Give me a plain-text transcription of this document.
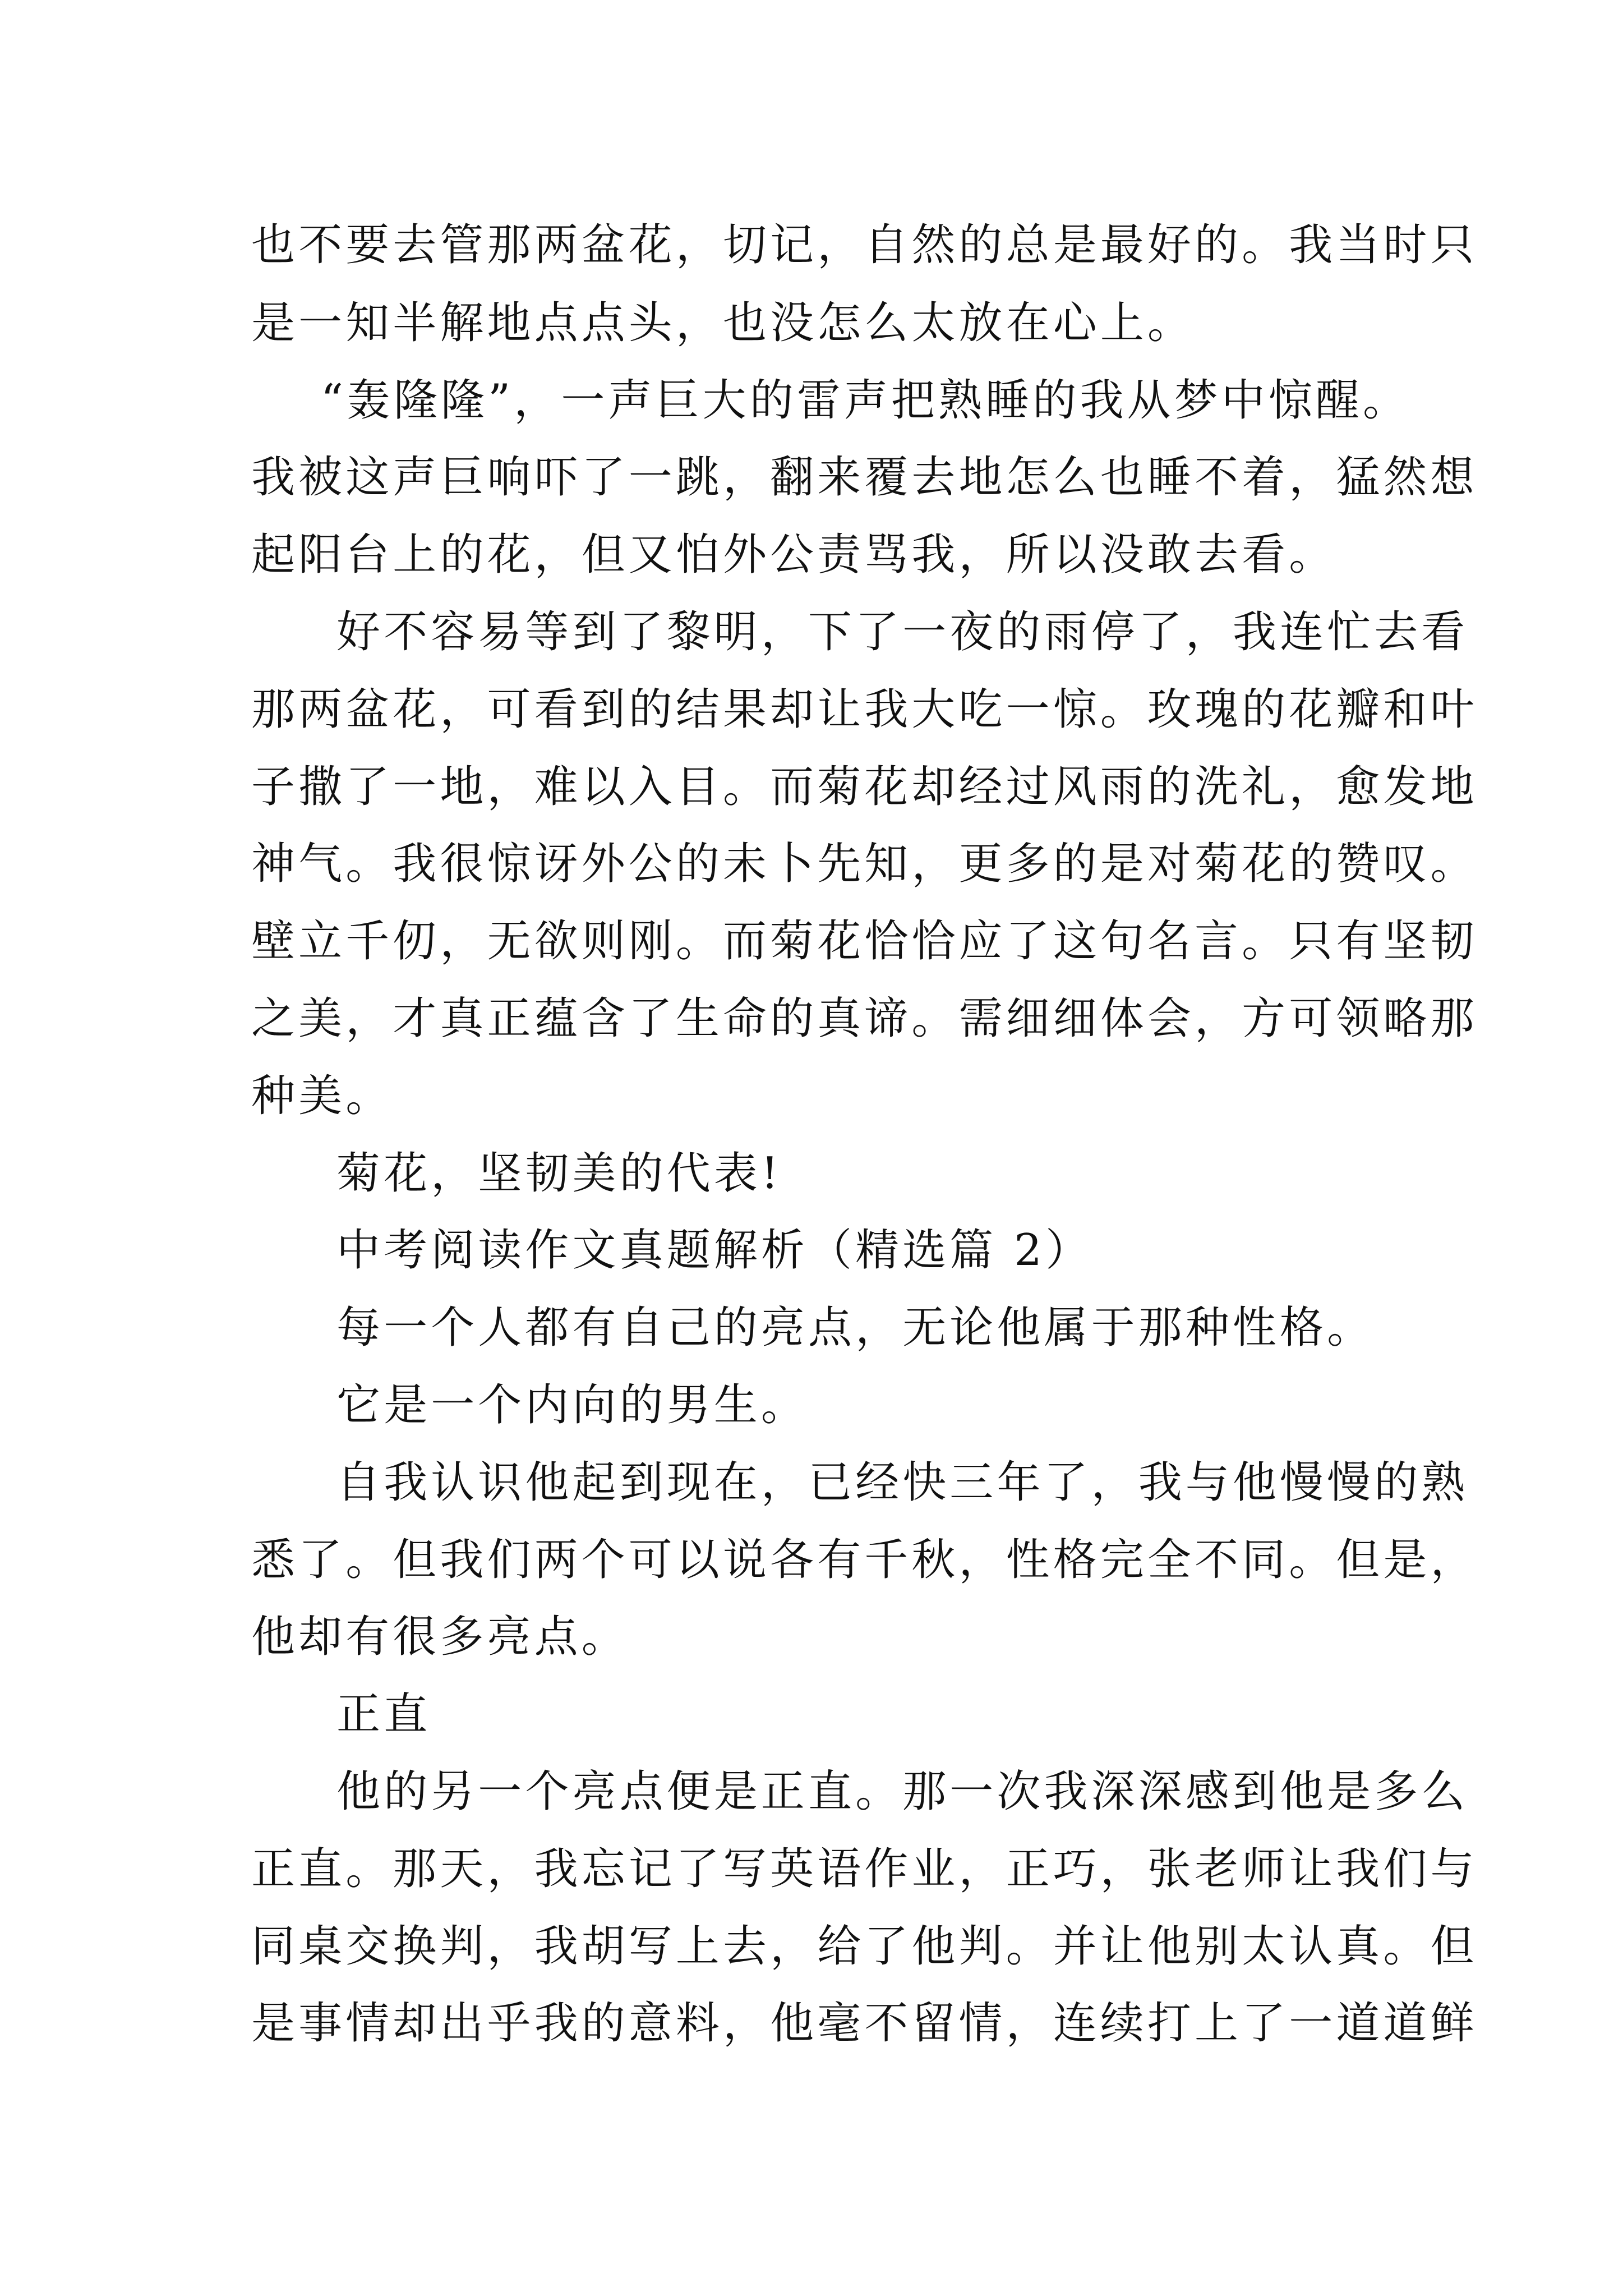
也不要去管那两盆花，切记，自然的总是最好的。我当时只

是一知半解地点点头，也没怎么太放在心上。

“轰隆隆”，一声巨大的雷声把熟睡的我从梦中惊醒。

我被这声巨响吓了一跳，翻来覆去地怎么也睡不着，猛然想

起阳台上的花，但又怕外公责骂我，所以没敢去看。

好不容易等到了黎明，下了一夜的雨停了，我连忙去看

那两盆花，可看到的结果却让我大吃一惊。玫瑰的花瓣和叶

子撒了一地，难以入目。而菊花却经过风雨的洗礼，愈发地

神气。我很惊讶外公的未卜先知，更多的是对菊花的赞叹。

壁立千仞，无欲则刚。而菊花恰恰应了这句名言。只有坚韧

之美，才真正蕴含了生命的真谛。需细细体会，方可领略那

种美。

菊花，坚韧美的代表!

中考阅读作文真题解析（精选篇 2）

每一个人都有自己的亮点，无论他属于那种性格。

它是一个内向的男生。

自我认识他起到现在，已经快三年了，我与他慢慢的熟

悉了。但我们两个可以说各有千秋，性格完全不同。但是，

他却有很多亮点。

正直

他的另一个亮点便是正直。那一次我深深感到他是多么

正直。那天，我忘记了写英语作业，正巧，张老师让我们与

同桌交换判，我胡写上去，给了他判。并让他别太认真。但

是事情却出乎我的意料，他毫不留情，连续打上了一道道鲜
